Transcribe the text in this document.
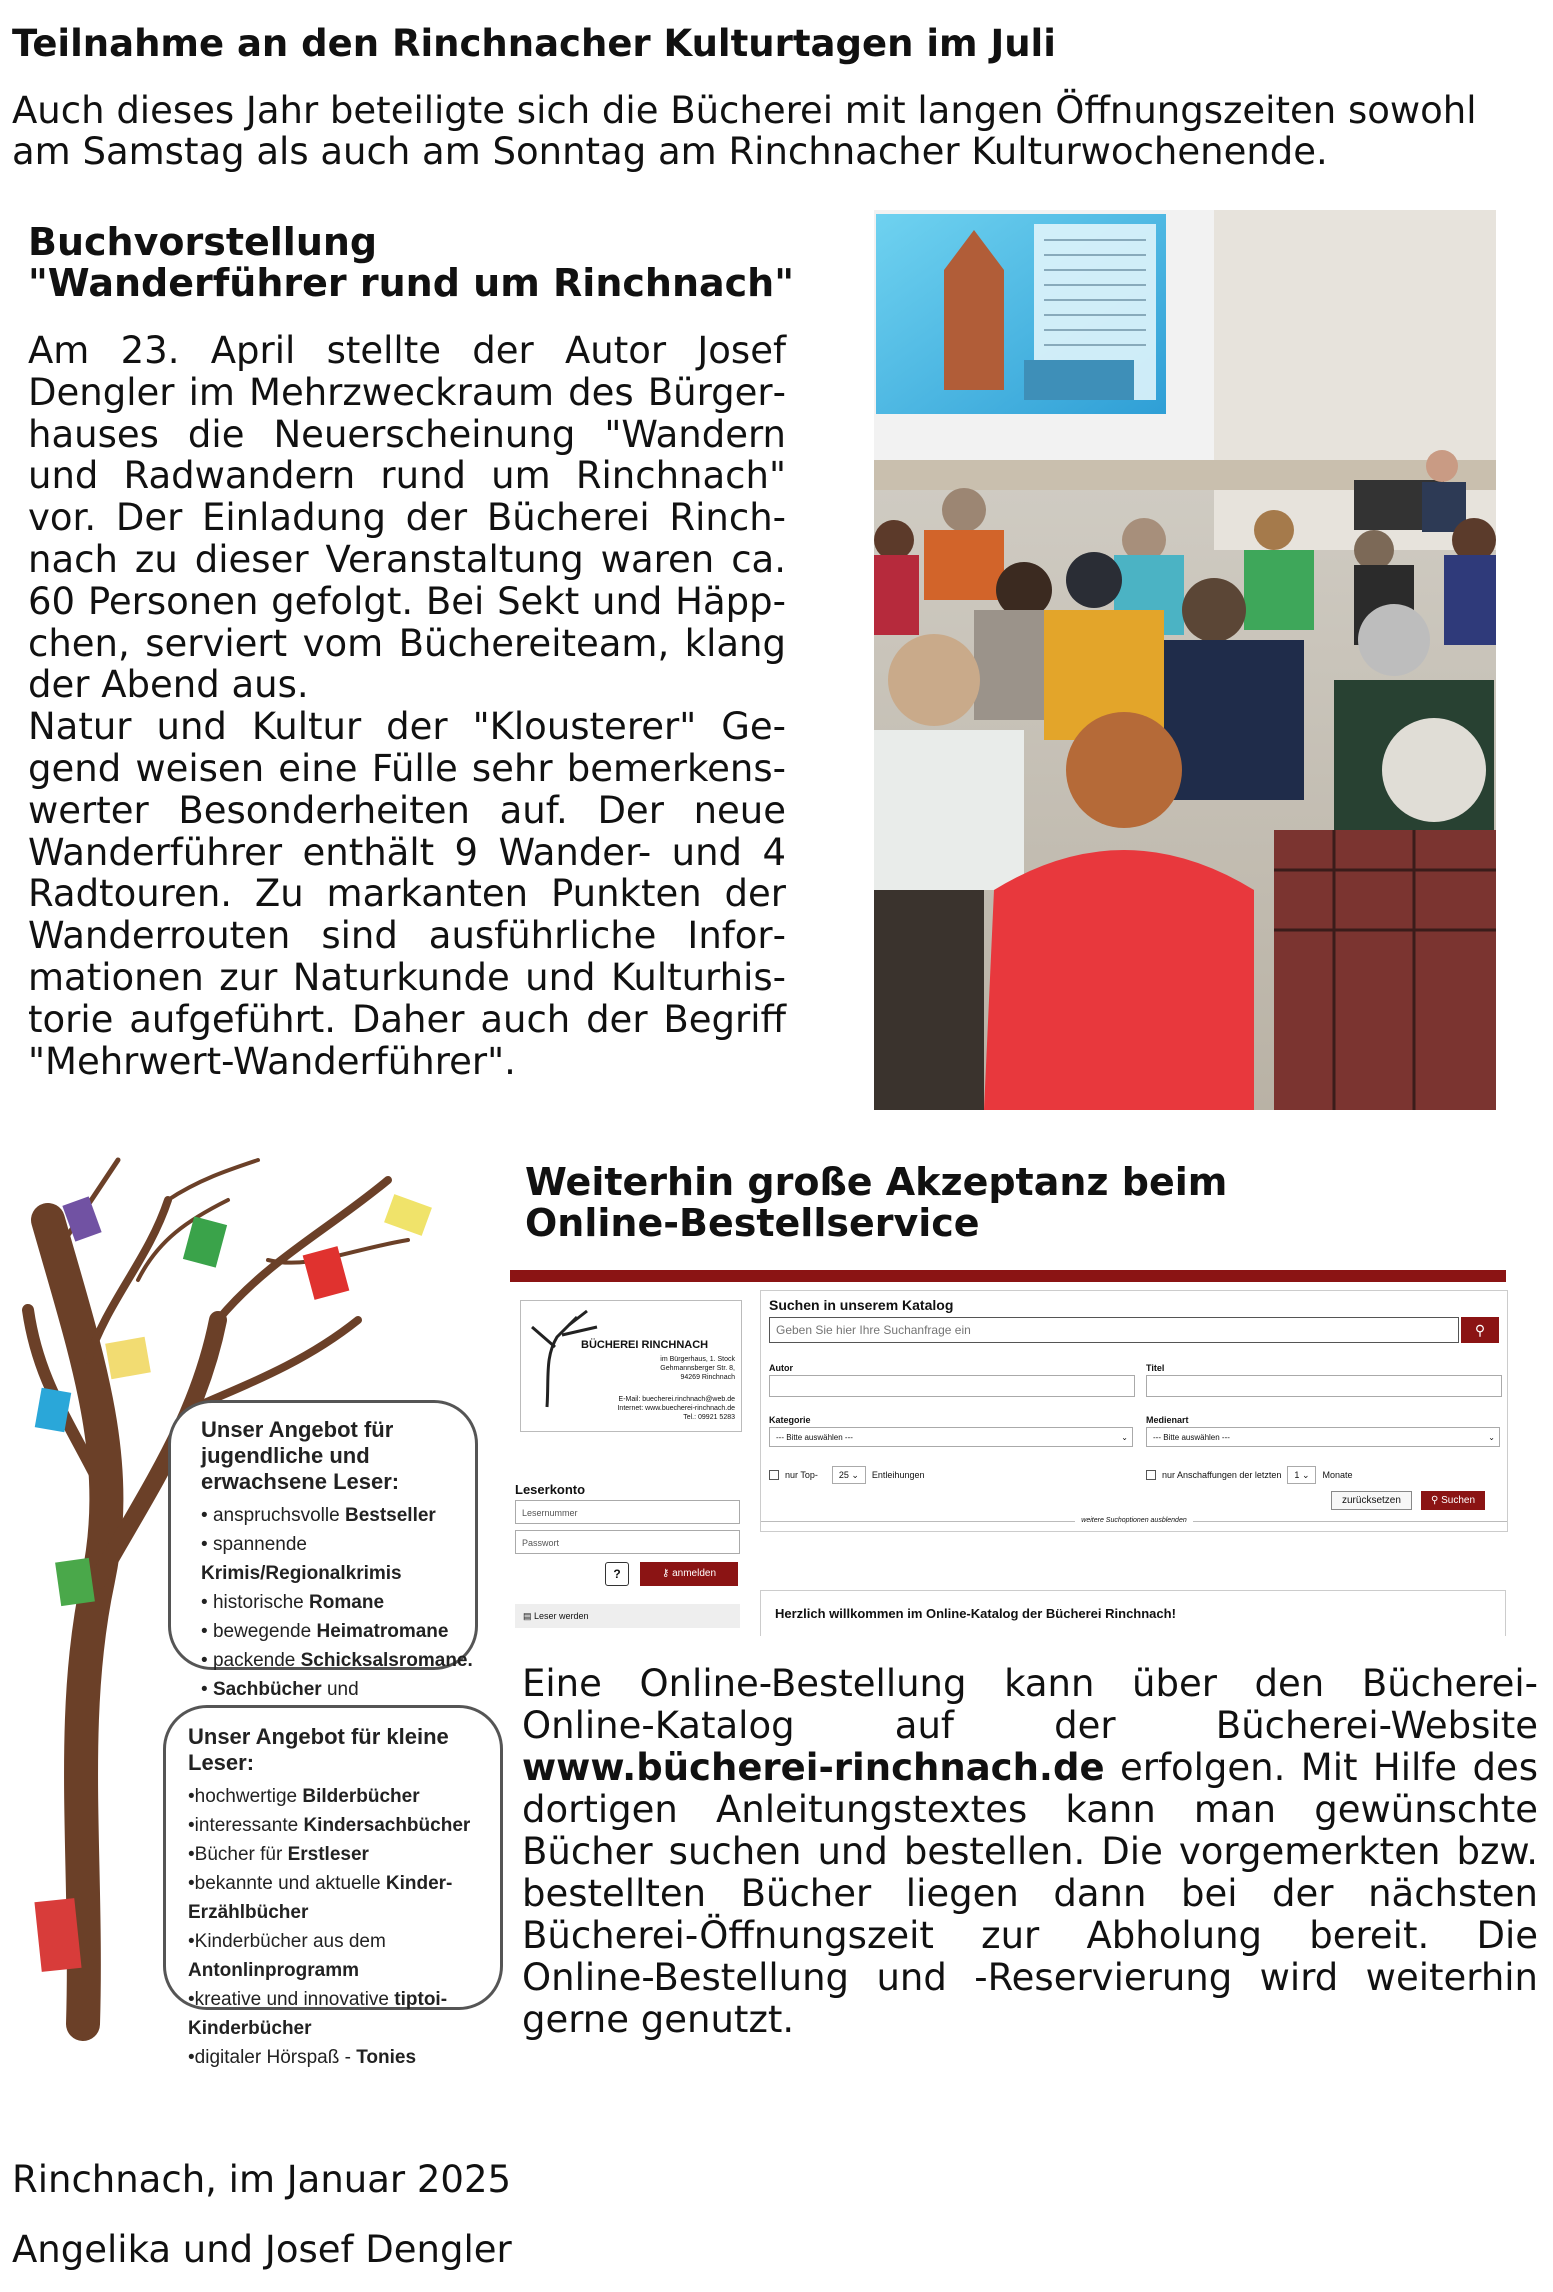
Teilnahme an den Rinchnacher Kulturtagen im Juli
Auch dieses Jahr beteiligte sich die Bücherei mit langen Öffnungszeiten sowohl am Samstag als auch am Sonntag am Rinchnacher Kulturwochenende.
Buchvorstellung
"Wanderführer rund um Rinchnach"

Am 23. April stellte der Autor Josef Dengler im Mehrzweckraum des Bürgerhauses die Neuerscheinung "Wandern und Radwandern rund um Rinchnach" vor. Der Einladung der Bücherei Rinchnach zu dieser Veranstaltung waren ca. 60 Personen gefolgt. Bei Sekt und Häppchen, serviert vom Büchereiteam, klang der Abend aus.

Natur und Kultur der "Klousterer" Gegend weisen eine Fülle sehr bemerkenswerter Besonderheiten auf. Der neue Wanderführer enthält 9 Wander- und 4 Radtouren. Zu markanten Punkten der Wanderrouten sind ausführliche Informationen zur Naturkunde und Kulturhistorie aufgeführt. Daher auch der Begriff "Mehrwert-Wanderführer".

Weiterhin große Akzeptanz beim
Online-Bestellservice
Unser Angebot für
jugendliche und erwachsene Leser:
• anspruchsvolle Bestseller
• spannende Krimis/Regionalkrimis
• historische Romane
• bewegende Heimatromane
• packende Schicksalsromane.
• Sachbücher und
Unser Angebot für kleine Leser:
•hochwertige Bilderbücher
•interessante Kindersachbücher
•Bücher für Erstleser
•bekannte und aktuelle Kinder-Erzählbücher
•Kinderbücher aus dem Antonlinprogramm
•kreative und innovative tiptoi-Kinderbücher
•digitaler Hörspaß - Tonies
BÜCHEREI RINCHNACH
im Bürgerhaus, 1. Stock
Gehmannsberger Str. 8,
94269 Rinchnach
E-Mail: buecherei.rinchnach@web.de
Internet: www.buecherei-rinchnach.de
Tel.: 09921 5283
Suchen in unserem Katalog
Geben Sie hier Ihre Suchanfrage ein
⚲
Autor	Titel
Kategorie
--- Bitte auswählen ---	⌄
Medienart
--- Bitte auswählen ---	⌄
nur Top-	25 ⌄	Entleihungen	nur Anschaffungen der letzten	1 ⌄	Monate
zurücksetzen	⚲ Suchen
weitere Suchoptionen ausblenden
Leserkonto
Lesernummer
Passwort
?	⚷ anmelden
▤ Leser werden	Herzlich willkommen im Online-Katalog der Bücherei Rinchnach!

Eine Online-Bestellung kann über den Bücherei-Online-Katalog auf der Bücherei-Website www.bücherei-rinchnach.de erfolgen. Mit Hilfe des dortigen Anleitungstextes kann man gewünschte Bücher suchen und bestellen. Die vorgemerkten bzw. bestellten Bücher liegen dann bei der nächsten Bücherei-Öffnungszeit zur Abholung bereit. Die Online-Bestellung und -Reservierung wird weiterhin gerne genutzt.

Rinchnach, im Januar 2025
Angelika und Josef Dengler
